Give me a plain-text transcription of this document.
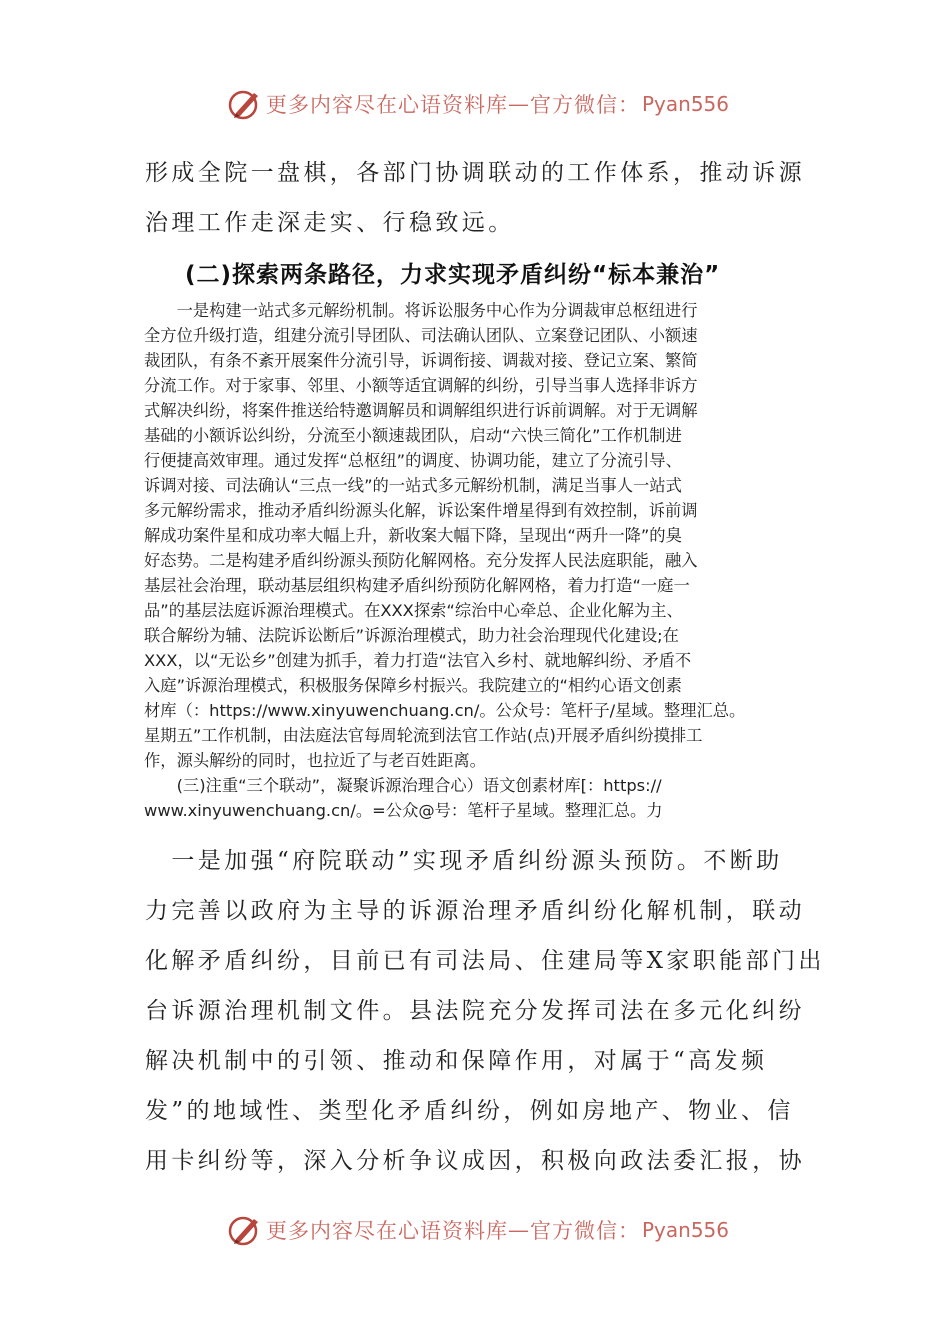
更多内容尽在心语资料库 — 官方微信： Pyan556
形成全院一盘棋，各部门协调联动的工作体系，推动诉源
治理工作走深走实、行稳致远。
(二)探索两条路径，力求实现矛盾纠纷“标本兼治”
　　一是构建一站式多元解纷机制。将诉讼服务中心作为分调裁审总枢纽进行
全方位升级打造，组建分流引导团队、司法确认团队、立案登记团队、小额速
裁团队，有条不紊开展案件分流引导，诉调衔接、调裁对接、登记立案、繁简
分流工作。对于家事、邻里、小额等适宜调解的纠纷，引导当事人选择非诉方
式解决纠纷，将案件推送给特邀调解员和调解组织进行诉前调解。对于无调解
基础的小额诉讼纠纷，分流至小额速裁团队，启动“六快三简化”工作机制进
行便捷高效审理。通过发挥“总枢纽”的调度、协调功能，建立了分流引导、
诉调对接、司法确认“三点一线”的一站式多元解纷机制，满足当事人一站式
多元解纷需求，推动矛盾纠纷源头化解，诉讼案件增星得到有效控制，诉前调
解成功案件星和成功率大幅上升，新收案大幅下降，呈现出“两升一降”的臭
好态势。二是构建矛盾纠纷源头预防化解网格。充分发挥人民法庭职能，融入
基层社会治理，联动基层组织构建矛盾纠纷预防化解网格，着力打造“一庭一
品”的基层法庭诉源治理模式。在XXX探索“综治中心牵总、企业化解为主、
联合解纷为辅、法院诉讼断后”诉源治理模式，助力社会治理现代化建设;在
XXX，以“无讼乡”创建为抓手，着力打造“法官入乡村、就地解纠纷、矛盾不
入庭”诉源治理模式，积极服务保障乡村振兴。我院建立的“相约心语文创素
材库（：https://www.xinyuwenchuang.cn/。公众号：笔杆子/星域。整理汇总。
星期五”工作机制，由法庭法官每周轮流到法官工作站(点)开展矛盾纠纷摸排工
作，源头解纷的同时，也拉近了与老百姓距离。
　　(三)注重“三个联动”，凝聚诉源治理合心）语文创素材库[：https://
www.xinyuwenchuang.cn/。=公众@号：笔杆子星域。整理汇总。力
　一是加强“府院联动”实现矛盾纠纷源头预防。不断助
力完善以政府为主导的诉源治理矛盾纠纷化解机制，联动
化解矛盾纠纷，目前已有司法局、住建局等X家职能部门出
台诉源治理机制文件。县法院充分发挥司法在多元化纠纷
解决机制中的引领、推动和保障作用，对属于“高发频
发”的地域性、类型化矛盾纠纷，例如房地产、物业、信
用卡纠纷等，深入分析争议成因，积极向政法委汇报，协
更多内容尽在心语资料库 — 官方微信： Pyan556
